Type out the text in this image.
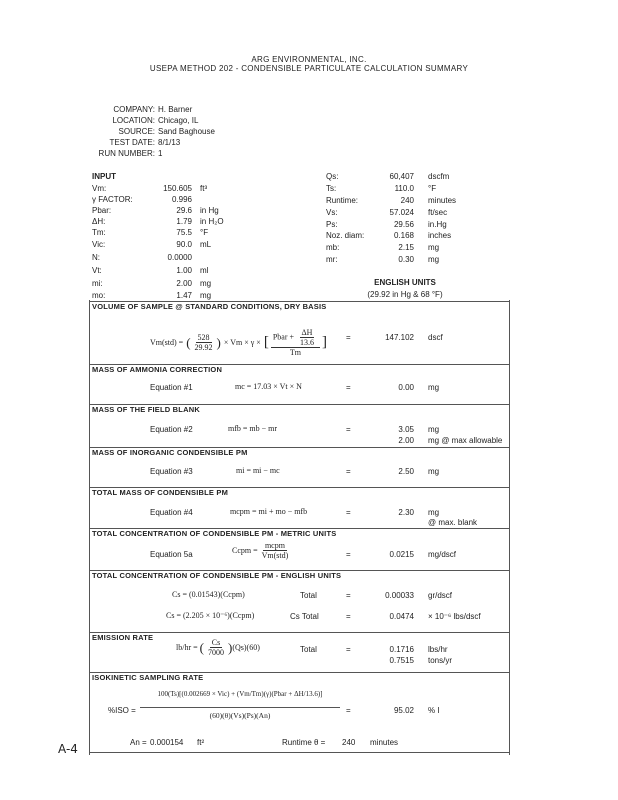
ARG ENVIRONMENTAL, INC.
USEPA METHOD 202 - CONDENSIBLE PARTICULATE CALCULATION SUMMARY
COMPANY: H. Barner
LOCATION: Chicago, IL
SOURCE: Sand Baghouse
TEST DATE: 8/1/13
RUN NUMBER: 1
INPUT
Vm:	150.605 ft³
γ FACTOR:	0.996
Pbar:	29.6 in Hg
ΔH:	1.79 in H₂O
Tm:	75.5 °F
Vic:	90.0 mL
N:	0.0000
Vt:	1.00 ml
mi:	2.00 mg
mo:	1.47 mg
Qs:	60,407 dscfm
Ts:	110.0 °F
Runtime:	240 minutes
Vs:	57.024 ft/sec
Ps:	29.56 in.Hg
Noz. diam:	0.168 inches
mb:	2.15 mg
mr:	0.30 mg
ENGLISH UNITS
(29.92 in Hg & 68 °F)
VOLUME OF SAMPLE @ STANDARD CONDITIONS, DRY BASIS
Vm(std) = ( $\frac{528}{29.92}$ ) × Vm × γ × [ $\frac{Pbar + \frac{\Delta H}{13.6}}{Tm}$ ] =	147.102 dscf
MASS OF AMMONIA CORRECTION
Equation #1	mc = 17.03 × Vt × N	=	0.00 mg
MASS OF THE FIELD BLANK
Equation #2	mfb = mb − mr	=	3.05 mg
2.00 mg @ max allowable
MASS OF INORGANIC CONDENSIBLE PM
Equation #3	mi = mi − mc	=	2.50 mg
TOTAL MASS OF CONDENSIBLE PM
Equation #4	mcpm = mi + mo − mfb	=	2.30 mg
@ max. blank
TOTAL CONCENTRATION OF CONDENSIBLE PM - METRIC UNITS
Equation 5a	Ccpm = $\frac{\text{mcpm}}{\text{Vm(std)}}$	=	0.0215 mg/dscf
TOTAL CONCENTRATION OF CONDENSIBLE PM - ENGLISH UNITS
Cs = (0.01543)(Ccpm)	Total	=	0.00033 gr/dscf
Cs = (2.205 × 10⁻⁶)(Ccpm)	Cs Total	=	0.0474 × 10⁻⁶ lbs/dscf
EMISSION RATE
lb/hr = ( $\frac{Cs}{7000}$ ) (Qs)(60)	Total	=	0.1716 lbs/hr
0.7515 tons/yr
ISOKINETIC SAMPLING RATE
%ISO =
100(Ts)[(0.002669 × Vic) + (Vm/Tm)(γ)(Pbar + ΔH/13.6)]
(60)(θ)(Vs)(Ps)(An)
=	95.02 % I
An = 0.000154 ft²	Runtime θ = 240 minutes
A-4
